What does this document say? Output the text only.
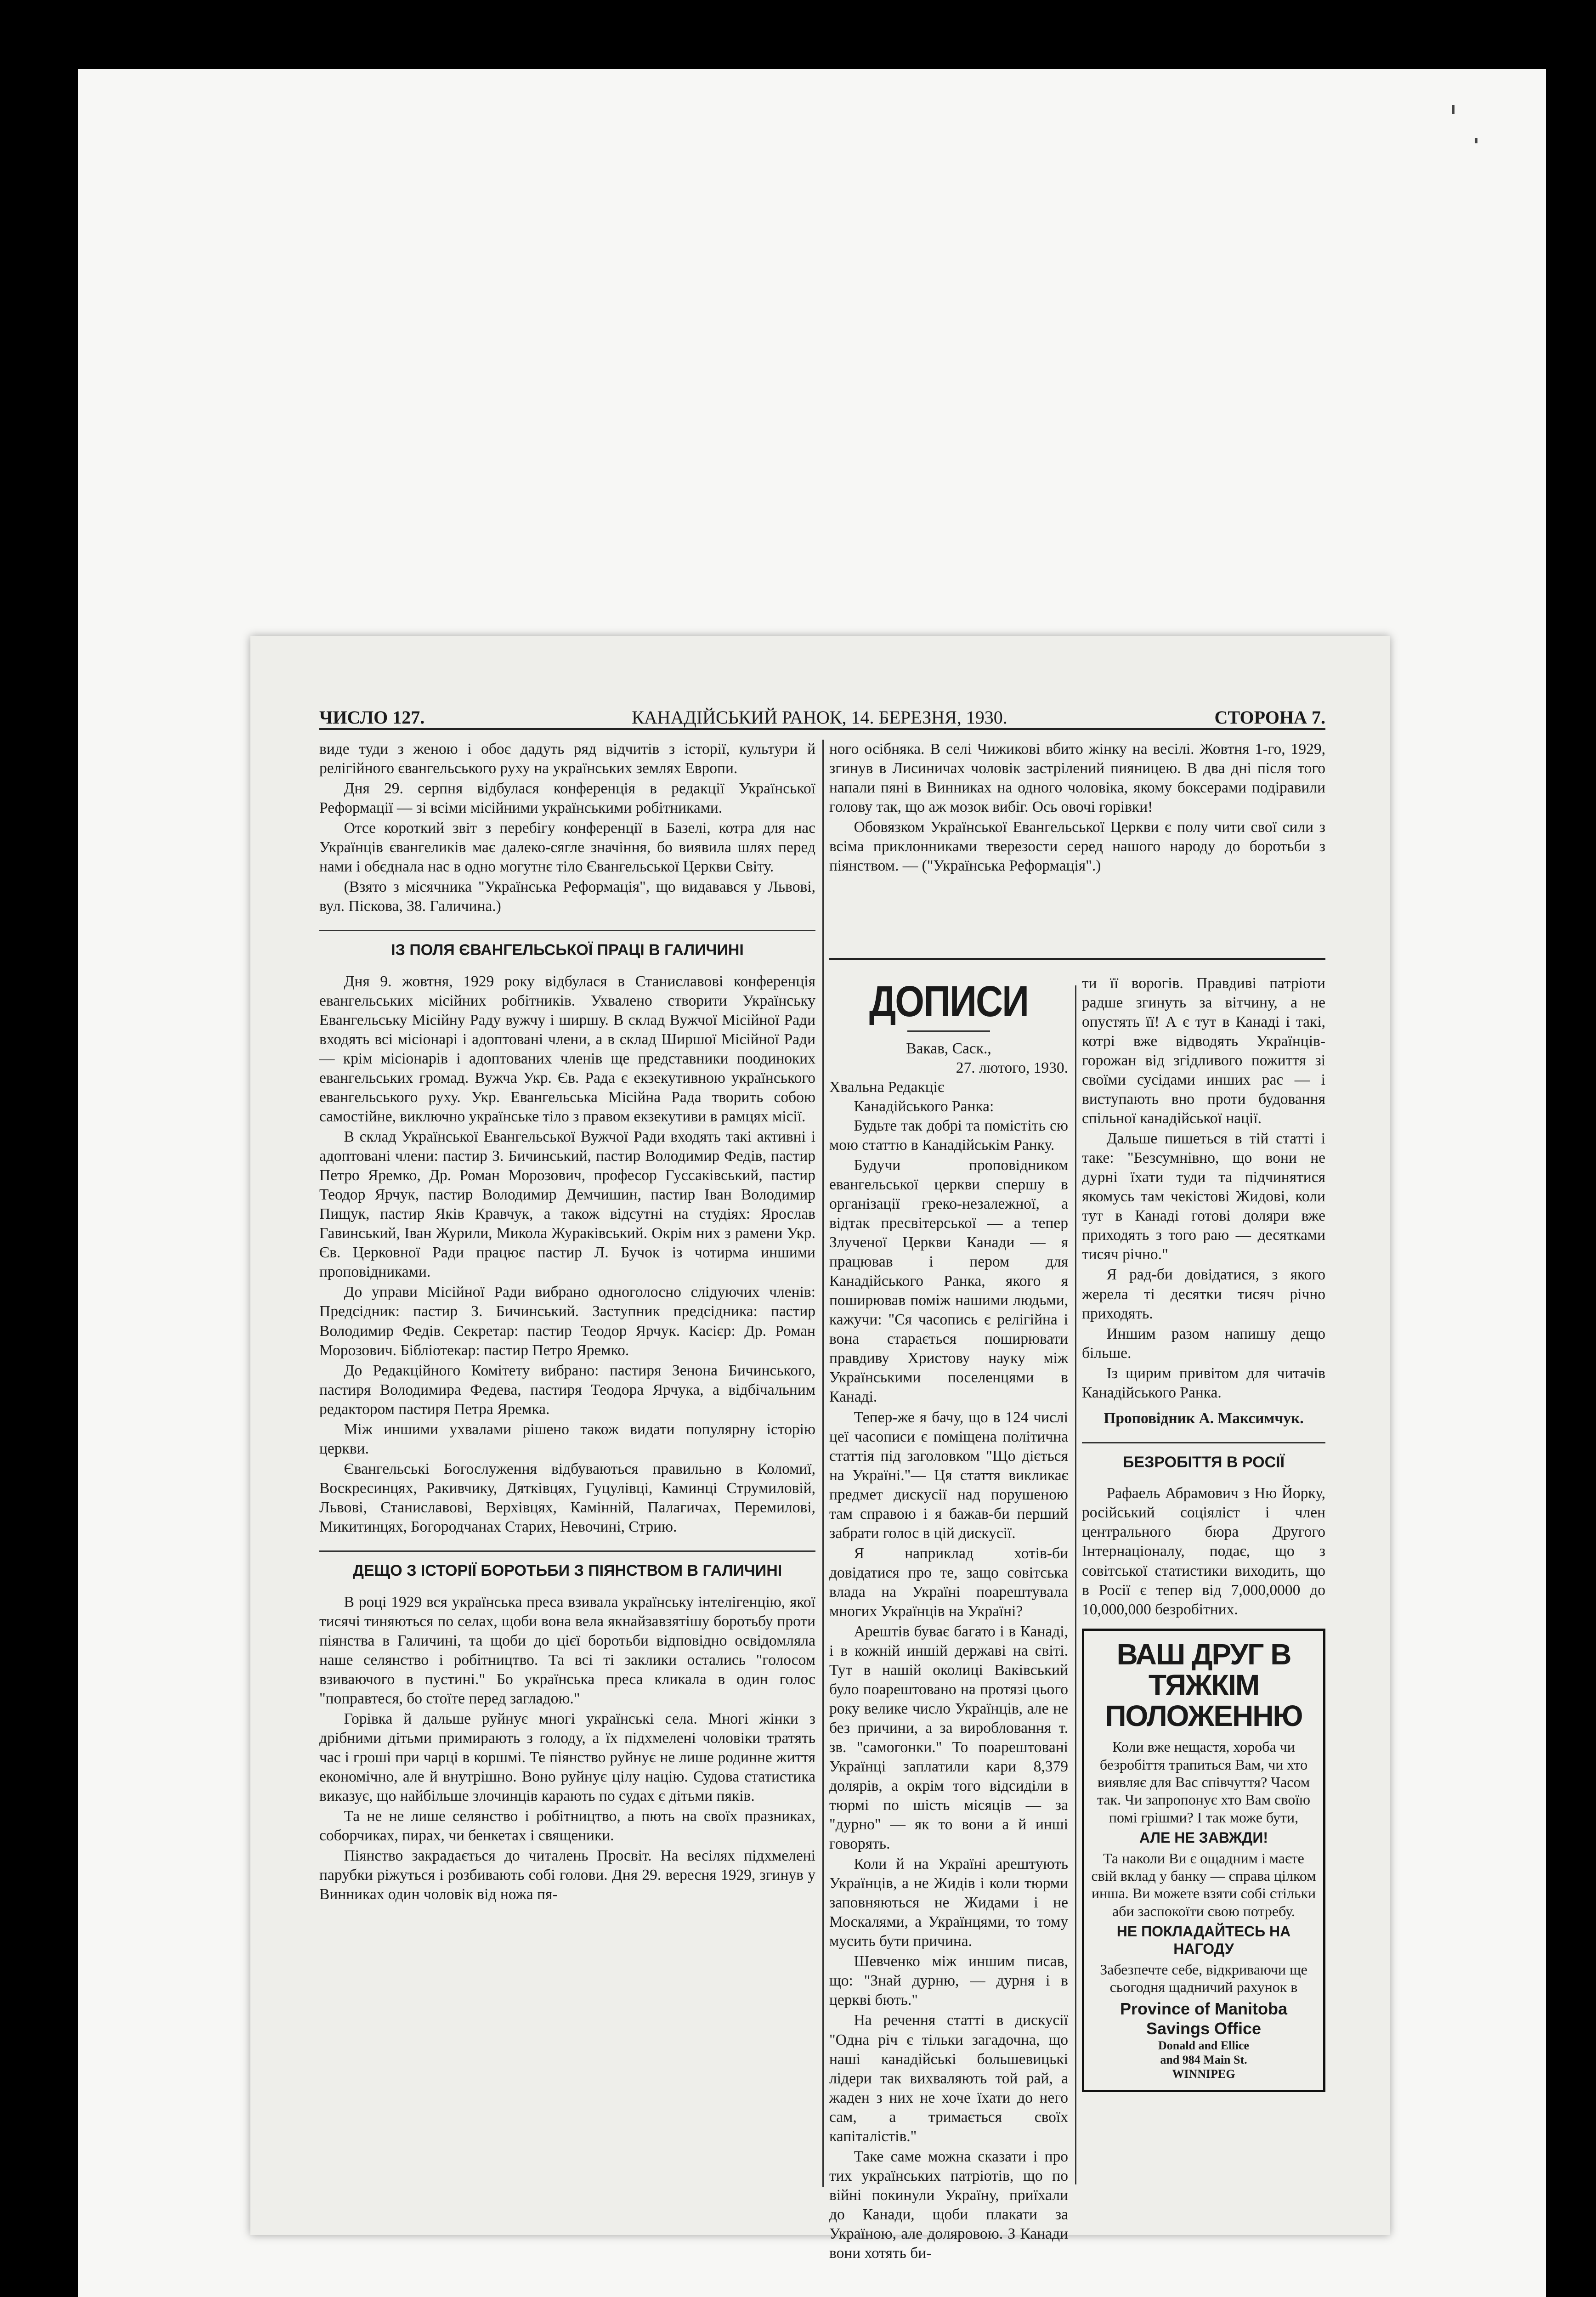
ЧИСЛО 127.	КАНАДІЙСЬКИЙ РАНОК, 14. БЕРЕЗНЯ, 1930.	СТОРОНА 7.

виде туди з женою і обоє дадуть ряд відчитів з історії, культури й релігійного євангельського руху на українських землях Европи.

Дня 29. серпня відбулася конференція в редакції Української Реформації — зі всіми місійними українськими робітниками.

Отсе короткий звіт з перебігу конференції в Базелі, котра для нас Українців євангеликів має далеко-сягле значіння, бо виявила шлях перед нами і обєднала нас в одно могутнє тіло Євангельської Церкви Світу.

(Взято з місячника "Українська Реформація", що видавався у Львові, вул. Піскова, 38. Галичина.)

ІЗ ПОЛЯ ЄВАНГЕЛЬСЬКОЇ ПРАЦІ В ГАЛИЧИНІ

Дня 9. жовтня, 1929 року відбулася в Станиславові конференція евангельських місійних робітників. Ухвалено створити Українську Евангельську Місійну Раду вужчу і ширшу. В склад Вужчої Місійної Ради входять всі місіонарі і адоптовані члени, а в склад Ширшої Місійної Ради — крім місіонарів і адоптованих членів ще представники поодиноких евангельських громад. Вужча Укр. Єв. Рада є екзекутивною українського евангельського руху. Укр. Евангельська Місійна Рада творить собою самостійне, виключно українське тіло з правом екзекутиви в рамцях місії.

В склад Української Евангельської Вужчої Ради входять такі активні і адоптовані члени: пастир З. Бичинський, пастир Володимир Федів, пастир Петро Яремко, Др. Роман Морозович, професор Гуссаківський, пастир Теодор Ярчук, пастир Володимир Демчишин, пастир Іван Володимир Пищук, пастир Яків Кравчук, а також відсутні на студіях: Ярослав Гавинський, Іван Журили, Микола Жураківський. Окрім них з рамени Укр. Єв. Церковної Ради працює пастир Л. Бучок із чотирма иншими проповідниками.

До управи Місійної Ради вибрано одноголосно слідуючих членів: Предсідник: пастир З. Бичинський. Заступник предсідника: пастир Володимир Федів. Секретар: пастир Теодор Ярчук. Касієр: Др. Роман Морозович. Бібліотекар: пастир Петро Яремко.

До Редакційного Комітету вибрано: пастиря Зенона Бичинського, пастиря Володимира Федева, пастиря Теодора Ярчука, а відбічальним редактором пастиря Петра Яремка.

Між иншими ухвалами рішено також видати популярну історію церкви.

Євангельські Богослуження відбуваються правильно в Коломиї, Воскресинцях, Ракивчику, Дятківцях, Гуцулівці, Каминці Струмиловій, Львові, Станиславові, Верхівцях, Камінній, Палагичах, Перемилові, Микитинцях, Богородчанах Старих, Невочині, Стрию.

ДЕЩО З ІСТОРІЇ БОРОТЬБИ З ПІЯНСТВОМ В ГАЛИЧИНІ

В році 1929 вся українська преса взивала українську інтелігенцію, якої тисячі тиняються по селах, щоби вона вела якнайзавзятішу боротьбу проти піянства в Галичині, та щоби до цієї боротьби відповідно освідомляла наше селянство і робітництво. Та всі ті заклики остались "голосом взиваючого в пустині." Бо українська преса кликала в один голос "поправтеся, бо стоїте перед загладою."

Горівка й дальше руйнує многі українські села. Многі жінки з дрібними дітьми примирають з голоду, а їх підхмелені чоловіки тратять час і гроші при чарці в коршмі. Те піянство руйнує не лише родинне життя економічно, але й внутрішно. Воно руйнує цілу націю. Судова статистика виказує, що найбільше злочинців карають по судах є дітьми пяків.

Та не не лише селянство і робітництво, а пють на своїх празниках, соборчиках, пирах, чи бенкетах і священики.

Піянство закрадається до читалень Просвіт. На весілях підхмелені парубки ріжуться і розбивають собі голови. Дня 29. вересня 1929, згинув у Винниках один чоловік від ножа пя-

ного осібняка. В селі Чижикові вбито жінку на весілі. Жовтня 1-го, 1929, згинув в Лисиничах чоловік застрілений пияницею. В два дні після того напали пяні в Винниках на одного чоловіка, якому боксерами подіравили голову так, що аж мозок вибіг. Ось овочі горівки!

Обовязком Української Евангельської Церкви є полу чити свої сили з всіма приклонниками тверезости серед нашого народу до боротьби з піянством. — ("Українська Реформація".)

ДОПИСИ
Вакав, Саск.,
27. лютого, 1930.
Хвальна Редакціє
Канадійського Ранка:

Будьте так добрі та помістіть сю мою статтю в Канадійськім Ранку.

Будучи проповідником евангельської церкви спершу в організації греко-незалежної, а відтак пресвітерської — а тепер Злученої Церкви Канади — я працював і пером для Канадійського Ранка, якого я поширював поміж нашими людьми, кажучи: "Ся часопись є релігійна і вона старається поширювати правдиву Христову науку між Українськими поселенцями в Канаді.

Тепер-же я бачу, що в 124 числі цеї часописи є поміщена політична статтія під заголовком "Що діється на Україні."— Ця стаття викликає предмет дискусії над порушеною там справою і я бажав-би перший забрати голос в цій дискусії.

Я наприклад хотів-би довідатися про те, защо совітська влада на Україні поарештувала многих Українців на Україні?

Арештів буває багато і в Канаді, і в кожній иншій державі на світі. Тут в нашій околиці Ваківський було поарештовано на протязі цього року велике число Українців, але не без причини, а за виробловання т. зв. "самогонки." То поарештовані Українці заплатили кари 8,379 долярів, а окрім того відсиділи в тюрмі по шість місяців — за "дурно" — як то вони а й инші говорять.

Коли й на Україні арештують Українців, а не Жидів і коли тюрми заповняються не Жидами і не Москалями, а Українцями, то тому мусить бути причина.

Шевченко між иншим писав, що: "Знай дурню, — дурня і в церкві бють."

На речення статті в дискусії "Одна річ є тільки загадочна, що наші канадійські большевицькі лідери так вихваляють той рай, а жаден з них не хоче їхати до него сам, а тримається своїх капіталістів."

Таке саме можна сказати і про тих українських патріотів, що по війні покинули Україну, приїхали до Канади, щоби плакати за Україною, але доляровою. З Канади вони хотять би-

ти її ворогів. Правдиві патріоти радше згинуть за вітчину, а не опустять її! А є тут в Канаді і такі, котрі вже відводять Українців-горожан від згідливого пожиття зі своїми сусідами инших рас — і виступають вно проти будовання спільної канадійської нації.

Дальше пишеться в тій статті і таке: "Безсумнівно, що вони не дурні їхати туди та підчинятися якомусь там чекістові Жидові, коли тут в Канаді готові доляри вже приходять з того раю — десятками тисяч річно."

Я рад-би довідатися, з якого жерела ті десятки тисяч річно приходять.

Иншим разом напишу дещо більше.

Із щирим привітом для читачів Канадійського Ранка.

Проповідник А. Максимчук.
БЕЗРОБІТТЯ В РОСІЇ

Рафаель Абрамович з Ню Йорку, російський соціяліст і член центрального бюра Другого Інтернаціоналу, подає, що з совітської статистики виходить, що в Росії є тепер від 7,000,0000 до 10,000,000 безробітних.

ВАШ ДРУГ В ТЯЖКІМ ПОЛОЖЕННЮ
Коли вже нещастя, хороба чи безробіття трапиться Вам, чи хто виявляє для Вас співчуття? Часом так. Чи запропонує хто Вам своїю помі грішми? І так може бути,
АЛЕ НЕ ЗАВЖДИ!
Та наколи Ви є ощадним і маєте свій вклад у банку — справа цілком инша. Ви можете взяти собі стільки аби заспокоїти свою потребу.
НЕ ПОКЛАДАЙТЕСЬ НА НАГОДУ
Забезпечте себе, відкриваючи ще сьогодня щадничий рахунок в
Province of Manitoba Savings Office
Donald and Ellice
and 984 Main St.
WINNIPEG
